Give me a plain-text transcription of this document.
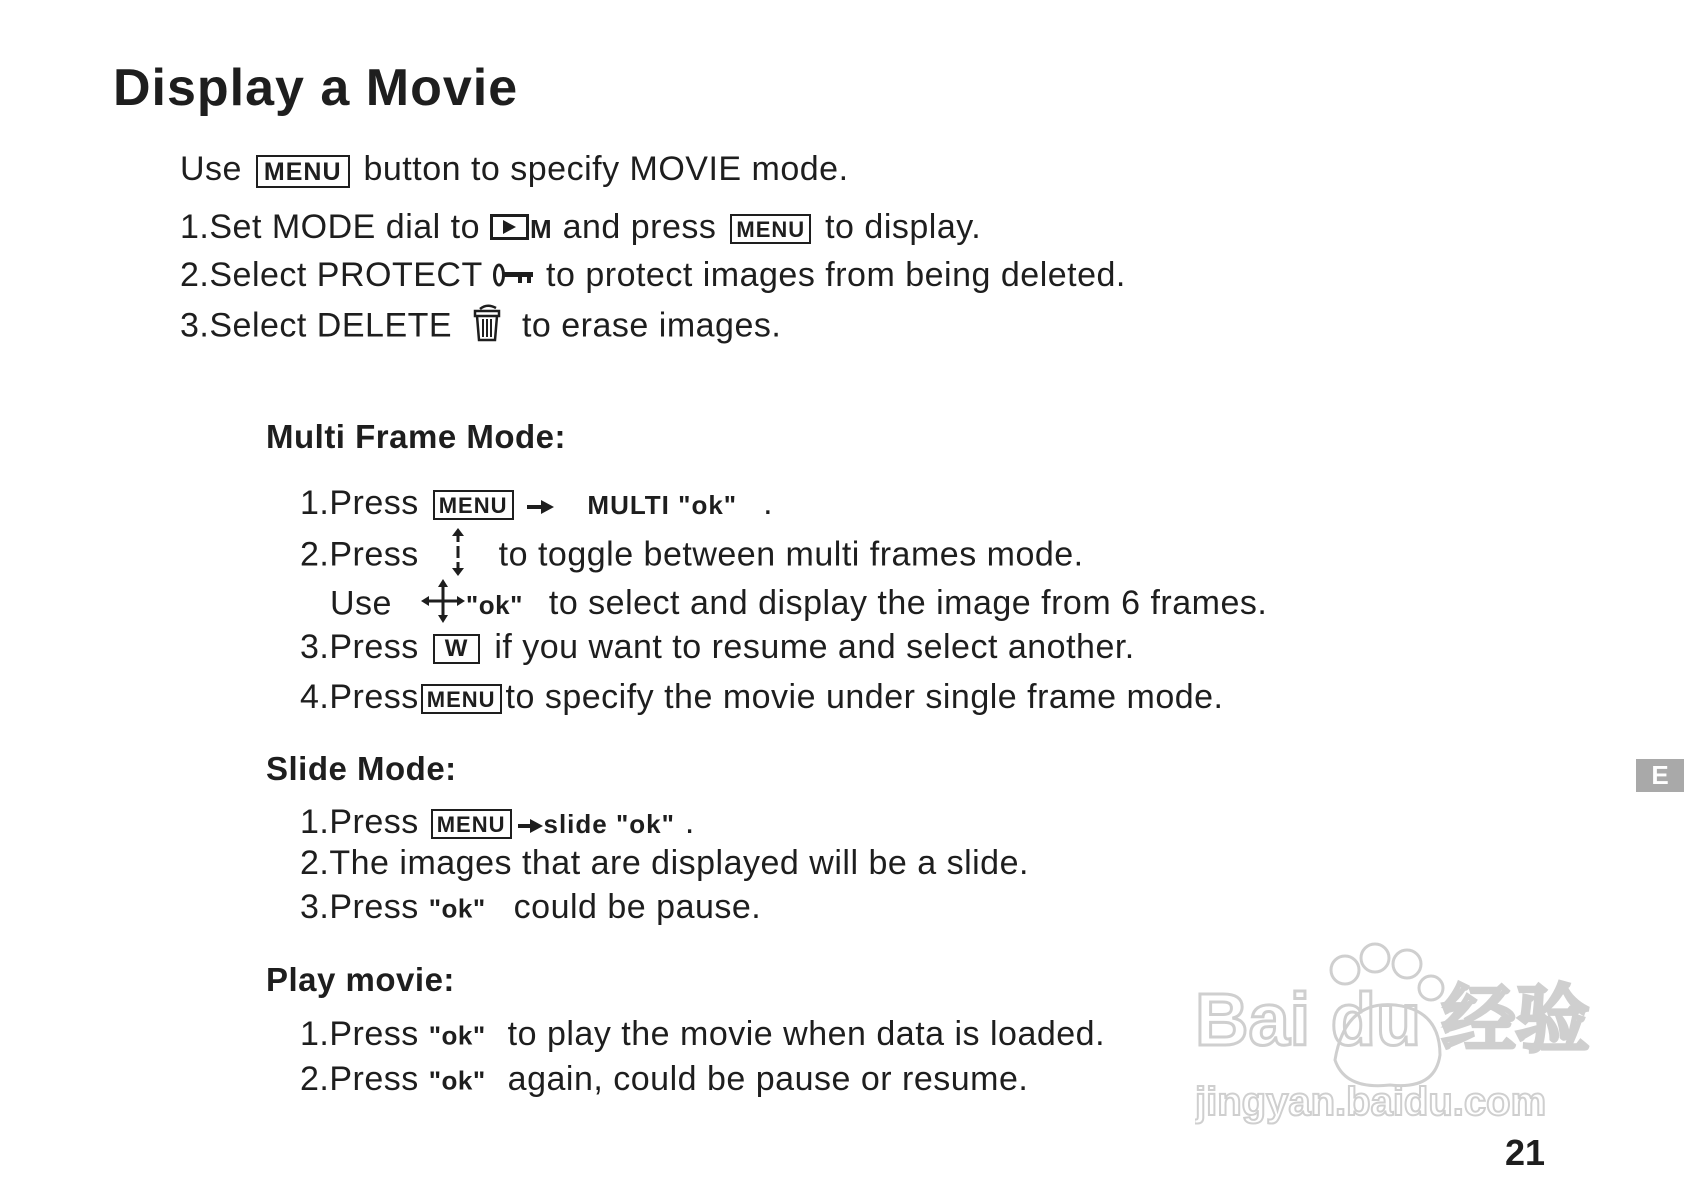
Display a Movie
Use MENU button to specify MOVIE mode.
1.Set MODE dial to M and press MENU to display.
2.Select PROTECT to protect images from being deleted.
3.Select DELETE to erase images.
Multi Frame Mode:
1.Press MENU	MULTI "ok" .
2.Press to toggle between multi frames mode.
Use	"ok" to select and display the image from 6 frames.
3.Press W if you want to resume and select another.
4.Press MENU to specify the movie under single frame mode.
Slide Mode:
1.Press MENU slide "ok" .
2.The images that are displayed will be a slide.
3.Press "ok" could be pause.
Play movie:
1.Press "ok" to play the movie when data is loaded.
2.Press "ok" again, could be pause or resume.
E
Bai du 经验
jingyan.baidu.com
21
